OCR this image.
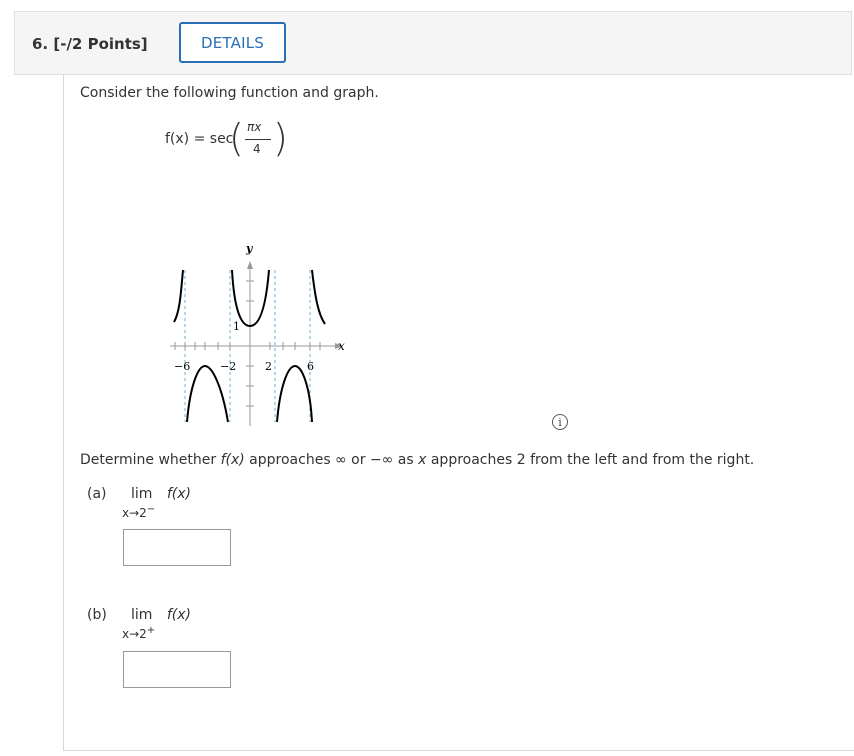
6. [-/2 Points]	DETAILS
Consider the following function and graph.
f(x) = sec
( πx
4 )
y
x
−6	−2	2	6
1
i
Determine whether f(x) approaches ∞ or −∞ as x approaches 2 from the left and from the right.
(a) lim f(x)
x→2−
(b) lim f(x)
x→2+
